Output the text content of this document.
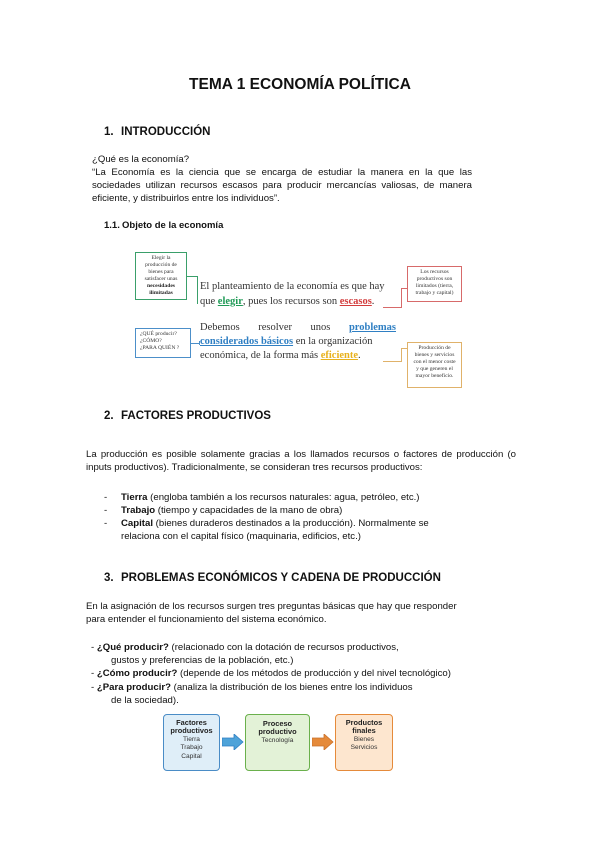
TEMA 1 ECONOMÍA POLÍTICA
1. INTRODUCCIÓN
¿Qué es la economía?
“La Economía es la ciencia que se encarga de estudiar la manera en la que las sociedades utilizan recursos escasos para producir mercancías valiosas, de manera
eficiente, y distribuirlos entre los individuos”.
1.1. Objeto de la economía
Elegir la
producción de
bienes para
satisfacer unas
necesidades
ilimitadas
El planteamiento de la economía es que hay
que elegir, pues los recursos son escasos.
Los recursos
productivos son
limitados (tierra,
trabajo y capital)
¿QUÉ producir?
¿CÓMO?
¿PARA QUIÉN ?
Debemos resolver unos problemas
considerados básicos en la organización
económica, de la forma más eficiente.
Producción de
bienes y servicios
con el menor coste
y que generen el
mayor beneficio.
2. FACTORES PRODUCTIVOS
La producción es posible solamente gracias a los llamados recursos o factores de producción (o
inputs productivos). Tradicionalmente, se consideran tres recursos productivos:
- Tierra (engloba también a los recursos naturales: agua, petróleo, etc.)
- Trabajo (tiempo y capacidades de la mano de obra)
- Capital (bienes duraderos destinados a la producción). Normalmente se
relaciona con el capital físico (maquinaria, edificios, etc.)
3. PROBLEMAS ECONÓMICOS Y CADENA DE PRODUCCIÓN
En la asignación de los recursos surgen tres preguntas básicas que hay que responder
para entender el funcionamiento del sistema económico.
- ¿Qué producir? (relacionado con la dotación de recursos productivos,
gustos y preferencias de la población, etc.)
- ¿Cómo producir? (depende de los métodos de producción y del nivel tecnológico)
- ¿Para producir? (analiza la distribución de los bienes entre los individuos
de la sociedad).
Factores productivos
Tierra
Trabajo
Capital
Proceso productivo
Tecnología
Productos finales
Bienes
Servicios
